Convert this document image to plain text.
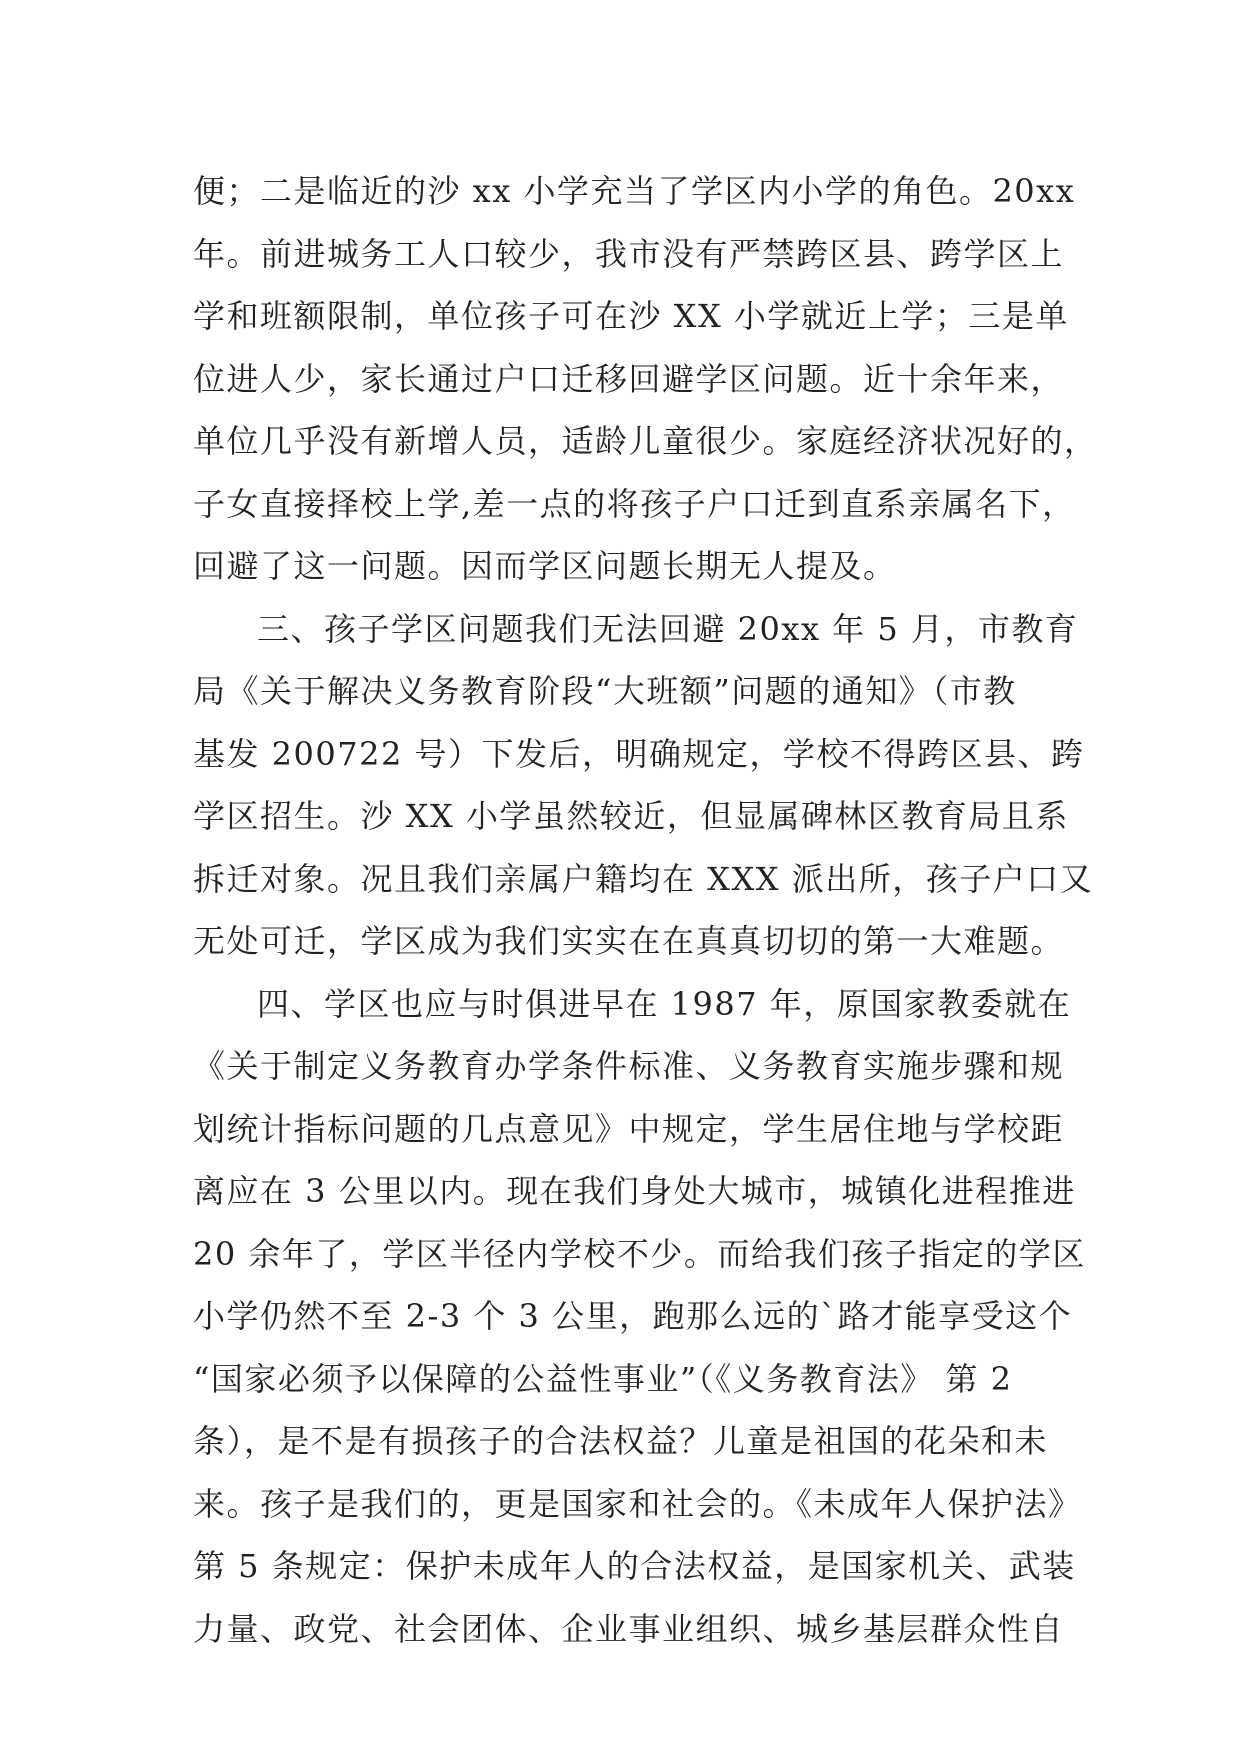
便；二是临近的沙 xx 小学充当了学区内小学的角色。20xx
年。前进城务工人口较少，我市没有严禁跨区县、跨学区上
学和班额限制，单位孩子可在沙 XX 小学就近上学；三是单
位进人少，家长通过户口迁移回避学区问题。近十余年来，
单位几乎没有新增人员，适龄儿童很少。家庭经济状况好的，
子女直接择校上学,差一点的将孩子户口迁到直系亲属名下，
回避了这一问题。因而学区问题长期无人提及。
三、孩子学区问题我们无法回避 20xx 年 5 月，市教育
局《关于解决义务教育阶段“大班额”问题的通知》（市教
基发 200722 号）下发后，明确规定，学校不得跨区县、跨
学区招生。沙 XX 小学虽然较近，但显属碑林区教育局且系
拆迁对象。况且我们亲属户籍均在 XXX 派出所，孩子户口又
无处可迁，学区成为我们实实在在真真切切的第一大难题。
四、学区也应与时俱进早在 1987 年，原国家教委就在
《关于制定义务教育办学条件标准、义务教育实施步骤和规
划统计指标问题的几点意见》中规定，学生居住地与学校距
离应在 3 公里以内。现在我们身处大城市，城镇化进程推进
20 余年了，学区半径内学校不少。而给我们孩子指定的学区
小学仍然不至 2-3 个 3 公里，跑那么远的`路才能享受这个
“国家必须予以保障的公益性事业”（《义务教育法》 第 2
条），是不是有损孩子的合法权益？儿童是祖国的花朵和未
来。孩子是我们的，更是国家和社会的。《未成年人保护法》
第 5 条规定：保护未成年人的合法权益，是国家机关、武装
力量、政党、社会团体、企业事业组织、城乡基层群众性自
